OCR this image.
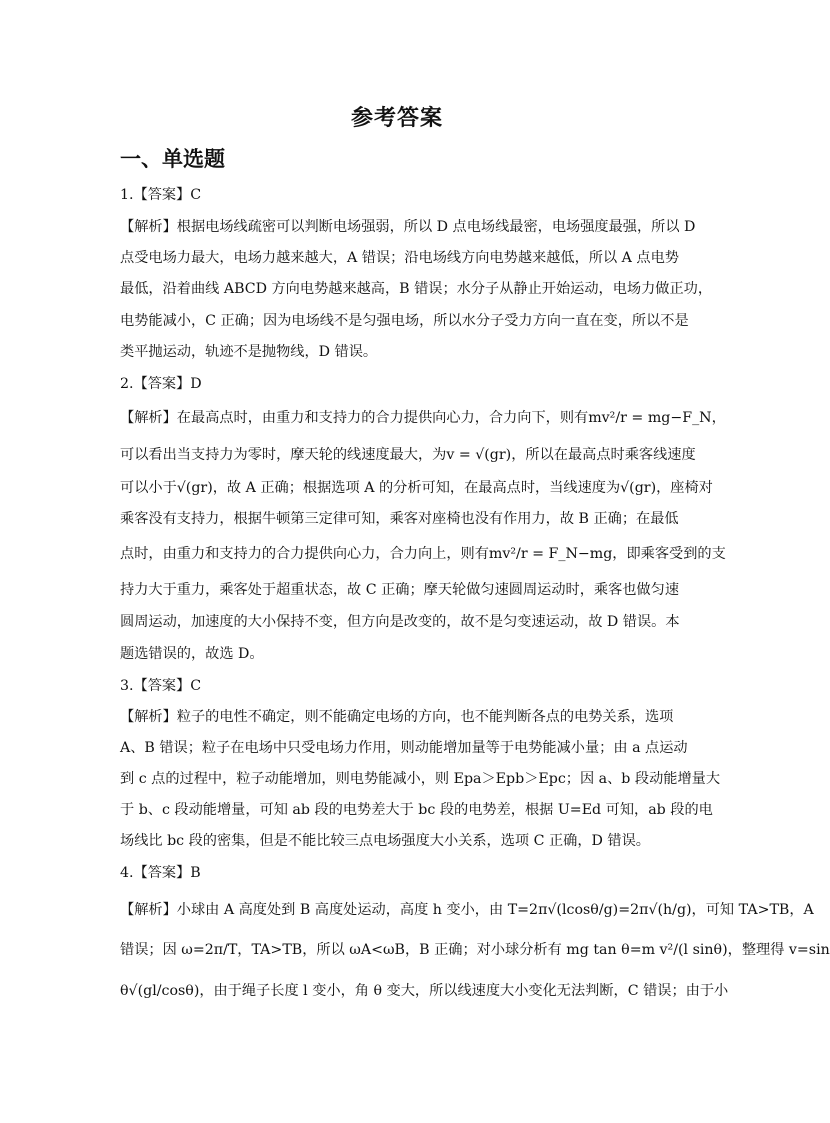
参考答案
一、单选题
1.【答案】C
【解析】根据电场线疏密可以判断电场强弱，所以 D 点电场线最密，电场强度最强，所以 D
点受电场力最大，电场力越来越大，A 错误；沿电场线方向电势越来越低，所以 A 点电势
最低，沿着曲线 ABCD 方向电势越来越高，B 错误；水分子从静止开始运动，电场力做正功，
电势能减小，C 正确；因为电场线不是匀强电场，所以水分子受力方向一直在变，所以不是
类平抛运动，轨迹不是抛物线，D 错误。
2.【答案】D
【解析】在最高点时，由重力和支持力的合力提供向心力，合力向下，则有mv²/r = mg−F_N，
可以看出当支持力为零时，摩天轮的线速度最大，为v = √(gr)，所以在最高点时乘客线速度
可以小于√(gr)，故 A 正确；根据选项 A 的分析可知，在最高点时，当线速度为√(gr)，座椅对
乘客没有支持力，根据牛顿第三定律可知，乘客对座椅也没有作用力，故 B 正确；在最低
点时，由重力和支持力的合力提供向心力，合力向上，则有mv²/r = F_N−mg，即乘客受到的支
持力大于重力，乘客处于超重状态，故 C 正确；摩天轮做匀速圆周运动时，乘客也做匀速
圆周运动，加速度的大小保持不变，但方向是改变的，故不是匀变速运动，故 D 错误。本
题选错误的，故选 D。
3.【答案】C
【解析】粒子的电性不确定，则不能确定电场的方向，也不能判断各点的电势关系，选项
A、B 错误；粒子在电场中只受电场力作用，则动能增加量等于电势能减小量；由 a 点运动
到 c 点的过程中，粒子动能增加，则电势能减小，则 Epa＞Epb＞Epc；因 a、b 段动能增量大
于 b、c 段动能增量，可知 ab 段的电势差大于 bc 段的电势差，根据 U=Ed 可知，ab 段的电
场线比 bc 段的密集，但是不能比较三点电场强度大小关系，选项 C 正确，D 错误。
4.【答案】B
【解析】小球由 A 高度处到 B 高度处运动，高度 h 变小，由 T=2π√(lcosθ/g)=2π√(h/g)，可知 TA>TB，A
错误；因 ω=2π/T，TA>TB，所以 ωA<ωB，B 正确；对小球分析有 mg tan θ=m v²/(l sinθ)，整理得 v=sin
θ√(gl/cosθ)，由于绳子长度 l 变小，角 θ 变大，所以线速度大小变化无法判断，C 错误；由于小
